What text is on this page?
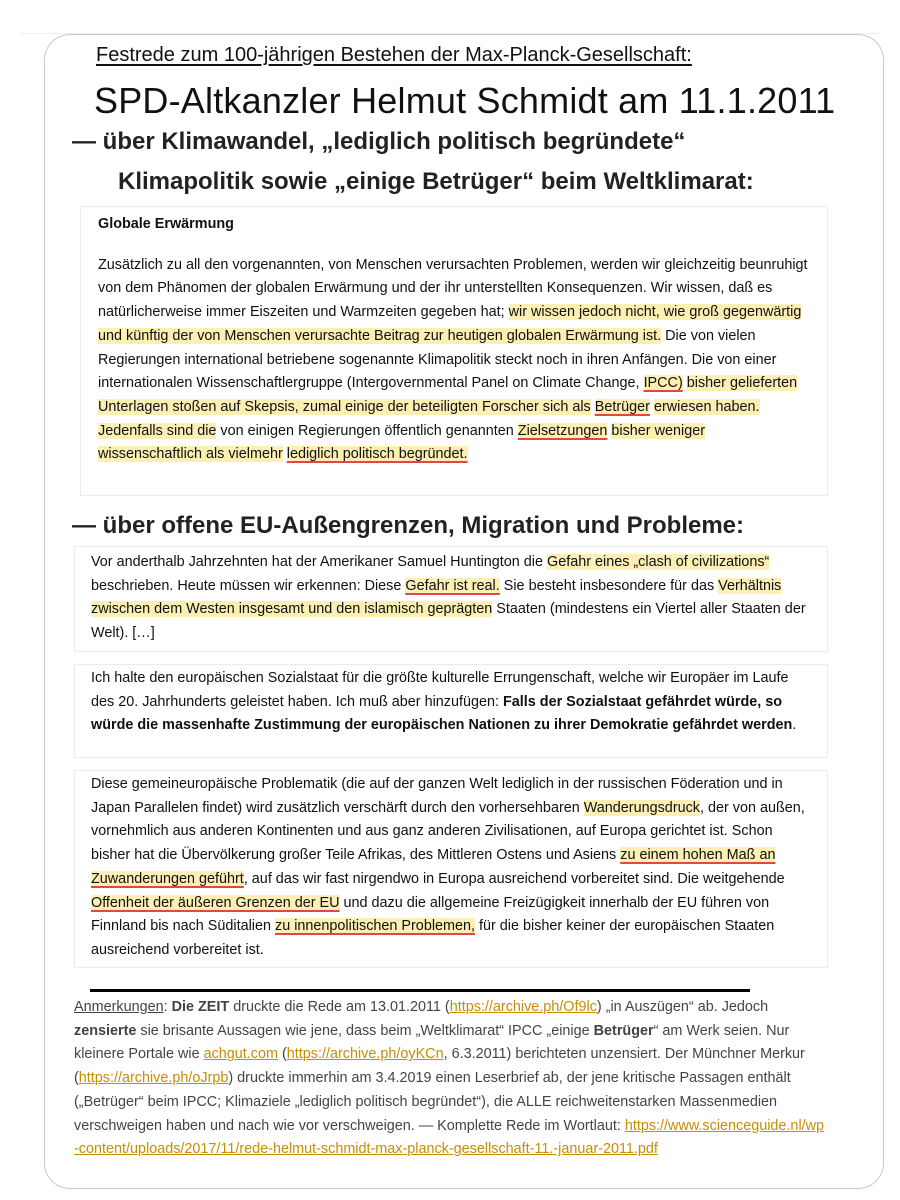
Festrede zum 100-jährigen Bestehen der Max-Planck-Gesellschaft:
SPD-Altkanzler Helmut Schmidt am 11.1.2011
— über Klimawandel, „lediglich politisch begründete“
Klimapolitik sowie „einige Betrüger“ beim Weltklimarat:

Globale Erwärmung

Zusätzlich zu all den vorgenannten, von Menschen verursachten Problemen, werden wir gleichzeitig beunruhigt von dem Phänomen der globalen Erwärmung und der ihr unterstellten Konsequenzen. Wir wissen, daß es natürlicherweise immer Eiszeiten und Warmzeiten gegeben hat; wir wissen jedoch nicht, wie groß gegenwärtig und künftig der von Menschen verursachte Beitrag zur heutigen globalen Erwärmung ist. Die von vielen Regierungen international betriebene sogenannte Klimapolitik steckt noch in ihren Anfängen. Die von einer internationalen Wissenschaftlergruppe (Intergovernmental Panel on Climate Change, IPCC) bisher gelieferten Unterlagen stoßen auf Skepsis, zumal einige der beteiligten Forscher sich als Betrüger erwiesen haben. Jedenfalls sind die von einigen Regierungen öffentlich genannten Zielsetzungen bisher weniger wissenschaftlich als vielmehr lediglich politisch begründet.

— über offene EU-Außengrenzen, Migration und Probleme:

Vor anderthalb Jahrzehnten hat der Amerikaner Samuel Huntington die Gefahr eines „clash of civilizations“ beschrieben. Heute müssen wir erkennen: Diese Gefahr ist real. Sie besteht insbesondere für das Verhältnis zwischen dem Westen insgesamt und den islamisch geprägten Staaten (mindestens ein Viertel aller Staaten der Welt). […]

Ich halte den europäischen Sozialstaat für die größte kulturelle Errungenschaft, welche wir Europäer im Laufe des 20. Jahrhunderts geleistet haben. Ich muß aber hinzufügen: Falls der Sozialstaat gefährdet würde, so würde die massenhafte Zustimmung der europäischen Nationen zu ihrer Demokratie gefährdet werden.

Diese gemeineuropäische Problematik (die auf der ganzen Welt lediglich in der russischen Föderation und in Japan Parallelen findet) wird zusätzlich verschärft durch den vorhersehbaren Wanderungsdruck, der von außen, vornehmlich aus anderen Kontinenten und aus ganz anderen Zivilisationen, auf Europa gerichtet ist. Schon bisher hat die Übervölkerung großer Teile Afrikas, des Mittleren Ostens und Asiens zu einem hohen Maß an Zuwanderungen geführt, auf das wir fast nirgendwo in Europa ausreichend vorbereitet sind. Die weitgehende Offenheit der äußeren Grenzen der EU und dazu die allgemeine Freizügigkeit innerhalb der EU führen von Finnland bis nach Süditalien zu innenpolitischen Problemen, für die bisher keiner der europäischen Staaten ausreichend vorbereitet ist.

Anmerkungen: Die ZEIT druckte die Rede am 13.01.2011 (https://archive.ph/Of9lc) „in Auszügen“ ab. Jedoch zensierte sie brisante Aussagen wie jene, dass beim „Weltklimarat“ IPCC „einige Betrüger“ am Werk seien. Nur kleinere Portale wie achgut.com (https://archive.ph/oyKCn, 6.3.2011) berichteten unzensiert. Der Münchner Merkur (https://archive.ph/oJrpb) druckte immerhin am 3.4.2019 einen Leserbrief ab, der jene kritische Passagen enthält („Betrüger“ beim IPCC; Klimaziele „lediglich politisch begründet“), die ALLE reichweitenstarken Massenmedien verschweigen haben und nach wie vor verschweigen. — Komplette Rede im Wortlaut: https://www.scienceguide.nl/wp-content/uploads/2017/11/rede-helmut-schmidt-max-planck-gesellschaft-11.-januar-2011.pdf
